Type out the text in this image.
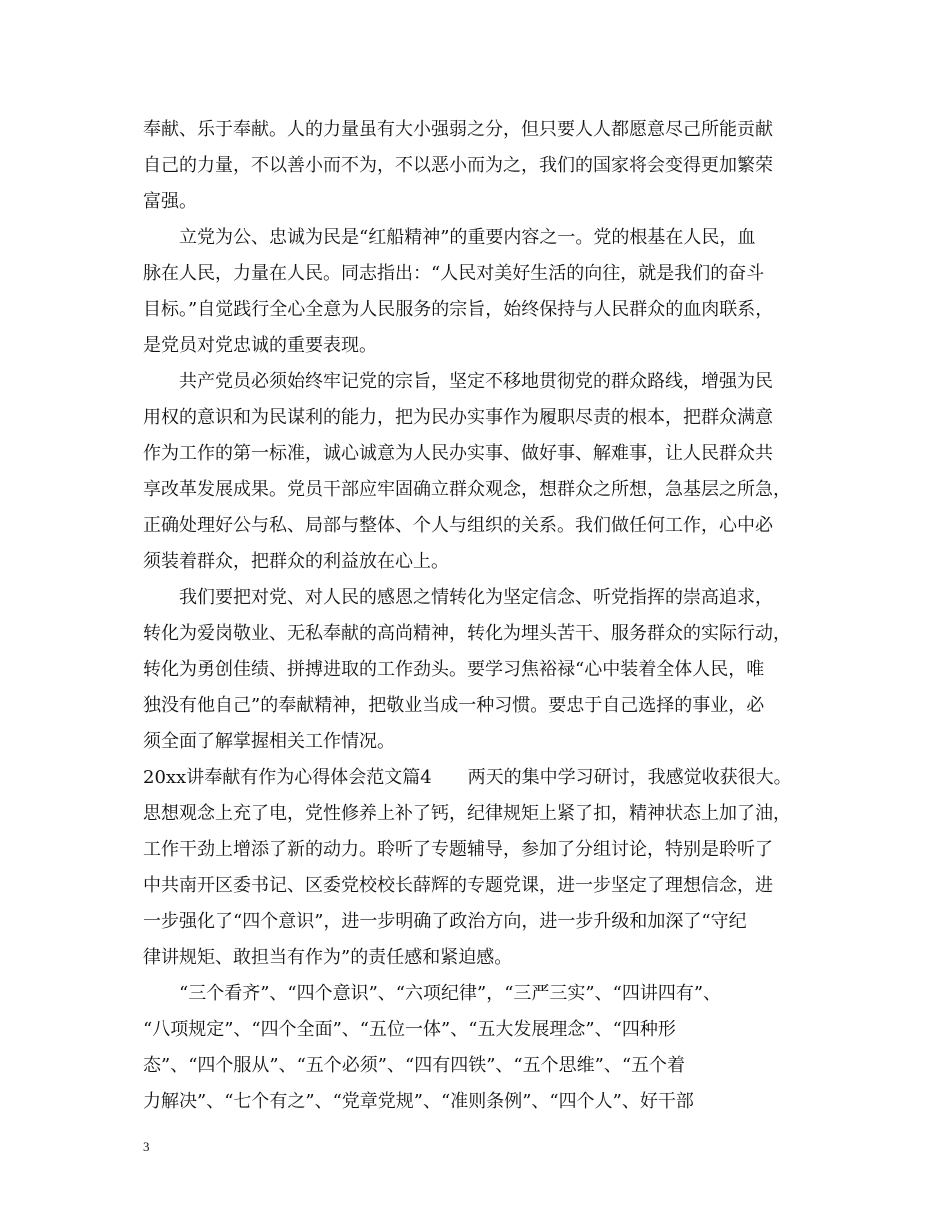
奉献、乐于奉献。人的力量虽有大小强弱之分，但只要人人都愿意尽己所能贡献
自己的力量，不以善小而不为，不以恶小而为之，我们的国家将会变得更加繁荣
富强。
　　立党为公、忠诚为民是“红船精神”的重要内容之一。党的根基在人民，血
脉在人民，力量在人民。同志指出：“人民对美好生活的向往，就是我们的奋斗
目标。”自觉践行全心全意为人民服务的宗旨，始终保持与人民群众的血肉联系，
是党员对党忠诚的重要表现。
　　共产党员必须始终牢记党的宗旨，坚定不移地贯彻党的群众路线，增强为民
用权的意识和为民谋利的能力，把为民办实事作为履职尽责的根本，把群众满意
作为工作的第一标准，诚心诚意为人民办实事、做好事、解难事，让人民群众共
享改革发展成果。党员干部应牢固确立群众观念，想群众之所想，急基层之所急，
正确处理好公与私、局部与整体、个人与组织的关系。我们做任何工作，心中必
须装着群众，把群众的利益放在心上。
　　我们要把对党、对人民的感恩之情转化为坚定信念、听党指挥的崇高追求，
转化为爱岗敬业、无私奉献的高尚精神，转化为埋头苦干、服务群众的实际行动，
转化为勇创佳绩、拼搏进取的工作劲头。要学习焦裕禄“心中装着全体人民，唯
独没有他自己”的奉献精神，把敬业当成一种习惯。要忠于自己选择的事业，必
须全面了解掌握相关工作情况。
20xx讲奉献有作为心得体会范文篇4　　两天的集中学习研讨，我感觉收获很大。
思想观念上充了电，党性修养上补了钙，纪律规矩上紧了扣，精神状态上加了油，
工作干劲上增添了新的动力。聆听了专题辅导，参加了分组讨论，特别是聆听了
中共南开区委书记、区委党校校长薛辉的专题党课，进一步坚定了理想信念，进
一步强化了“四个意识”，进一步明确了政治方向，进一步升级和加深了“守纪
律讲规矩、敢担当有作为”的责任感和紧迫感。
　　“三个看齐”、“四个意识”、“六项纪律”，“三严三实”、“四讲四有”、
“八项规定”、“四个全面”、“五位一体”、“五大发展理念”、“四种形
态”、“四个服从”、“五个必须”、“四有四铁”、“五个思维”、“五个着
力解决”、“七个有之”、“党章党规”、“准则条例”、“四个人”、好干部
3
